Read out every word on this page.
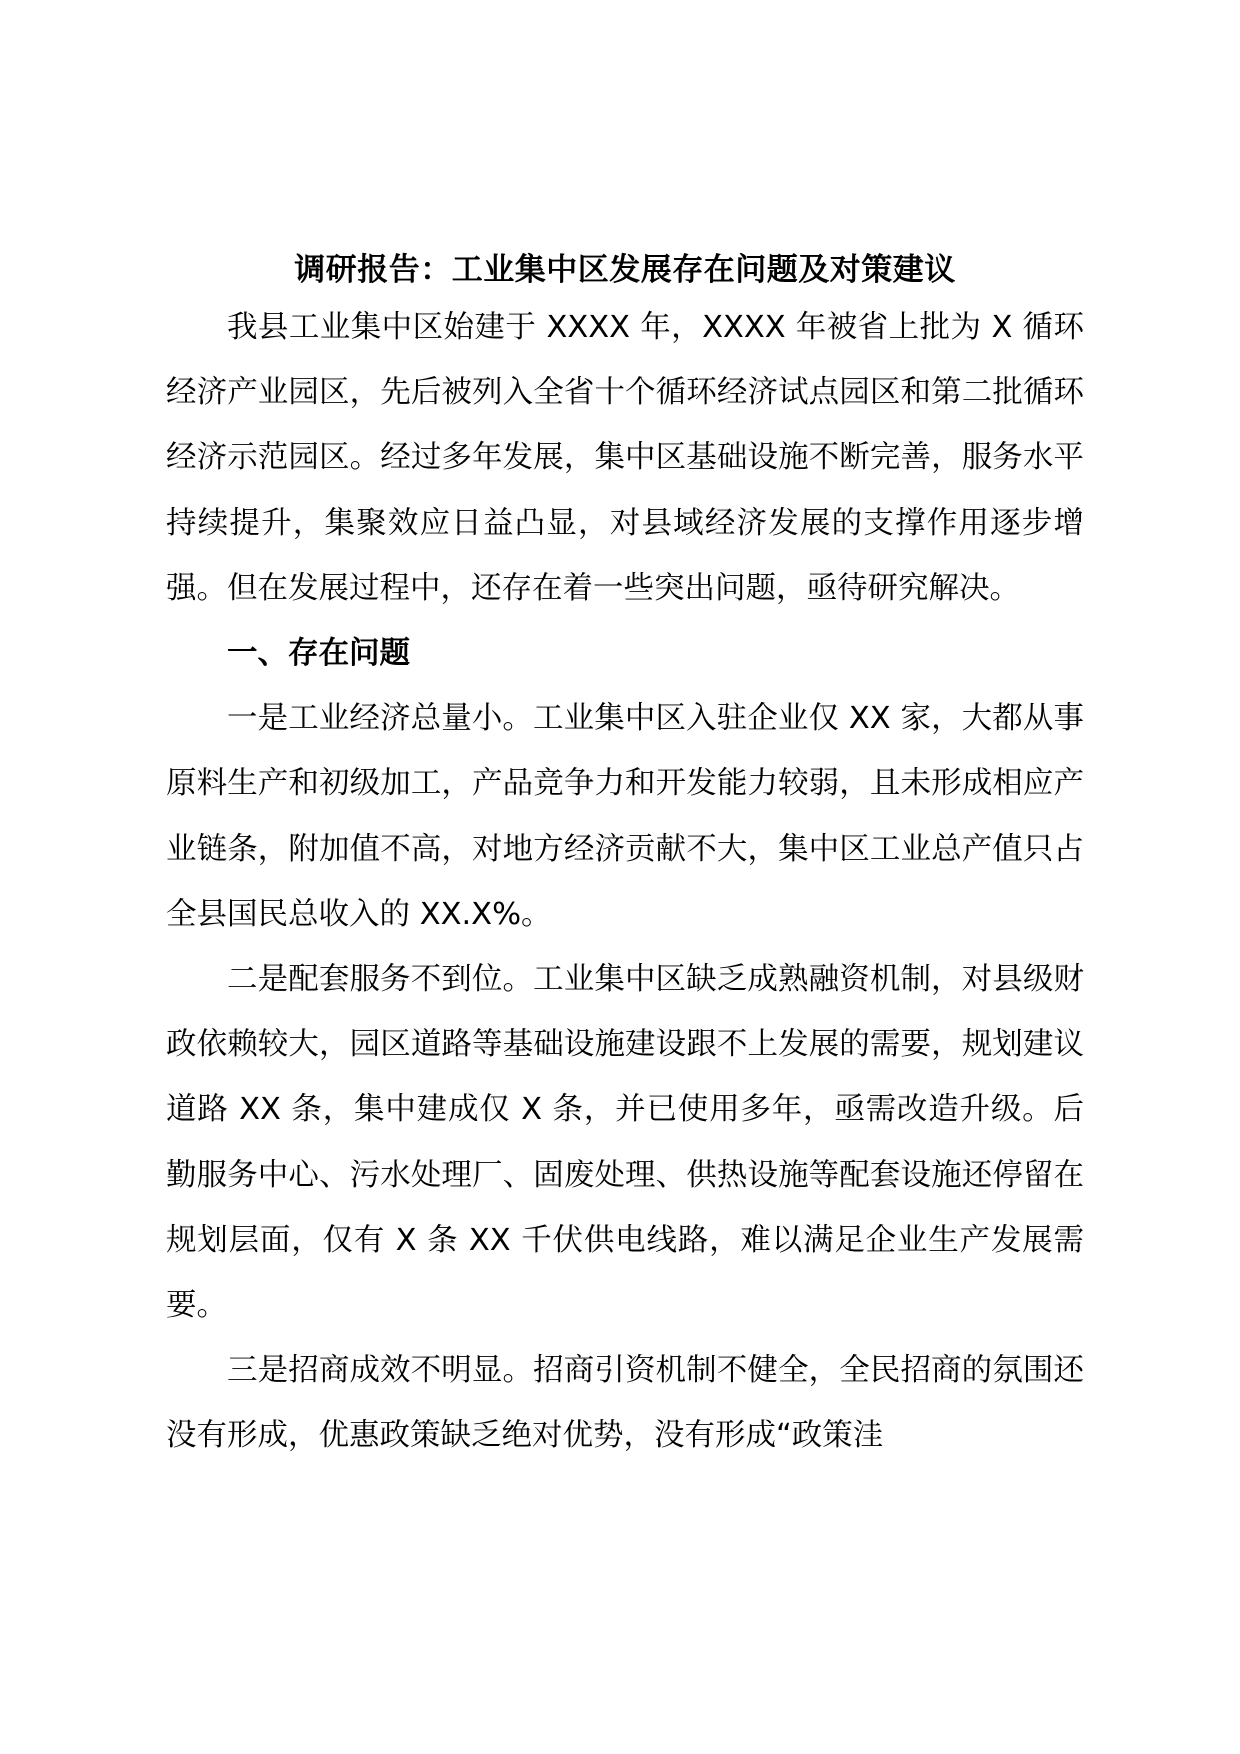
调研报告：工业集中区发展存在问题及对策建议

我县工业集中区始建于 XXXX 年，XXXX 年被省上批为 X 循环经济产业园区，先后被列入全省十个循环经济试点园区和第二批循环经济示范园区。经过多年发展，集中区基础设施不断完善，服务水平持续提升，集聚效应日益凸显，对县域经济发展的支撑作用逐步增强。但在发展过程中，还存在着一些突出问题，亟待研究解决。

一、存在问题

一是工业经济总量小。工业集中区入驻企业仅 XX 家，大都从事原料生产和初级加工，产品竞争力和开发能力较弱，且未形成相应产业链条，附加值不高，对地方经济贡献不大，集中区工业总产值只占全县国民总收入的 XX.X%。

二是配套服务不到位。工业集中区缺乏成熟融资机制，对县级财政依赖较大，园区道路等基础设施建设跟不上发展的需要，规划建议道路 XX 条，集中建成仅 X 条，并已使用多年，亟需改造升级。后勤服务中心、污水处理厂、固废处理、供热设施等配套设施还停留在规划层面，仅有 X 条 XX 千伏供电线路，难以满足企业生产发展需要。

三是招商成效不明显。招商引资机制不健全，全民招商的氛围还没有形成，优惠政策缺乏绝对优势，没有形成“政策洼
